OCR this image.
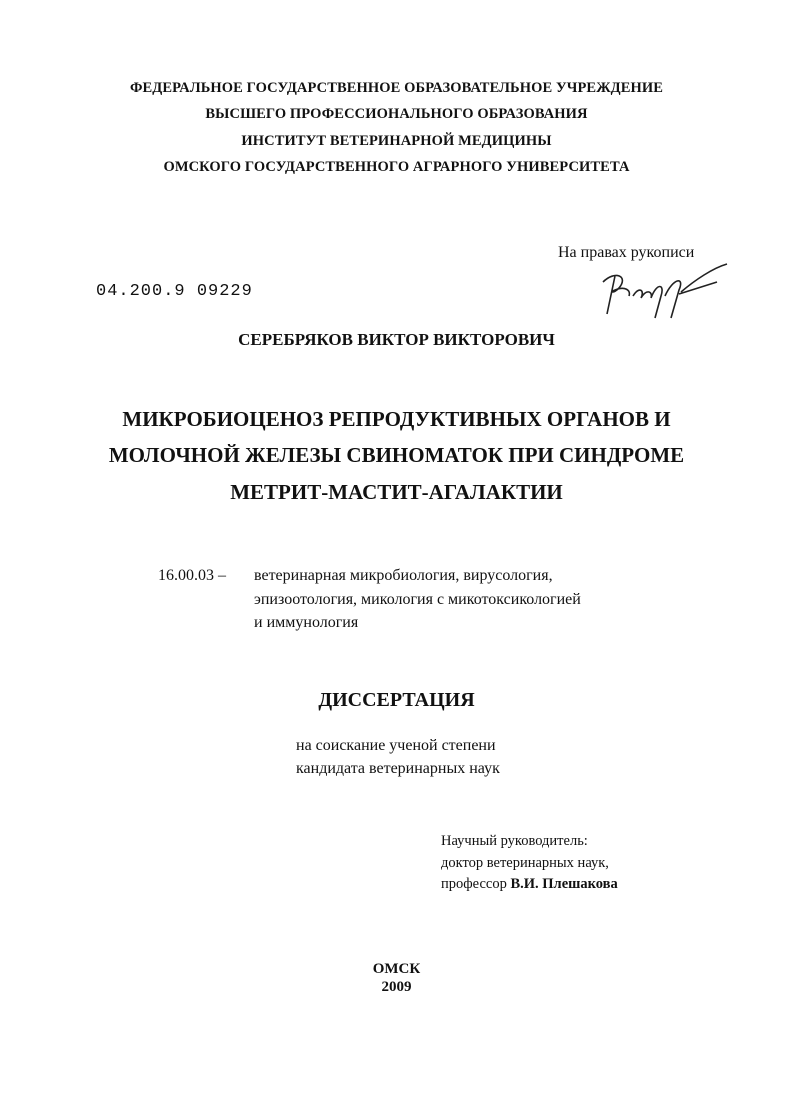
ФЕДЕРАЛЬНОЕ ГОСУДАРСТВЕННОЕ ОБРАЗОВАТЕЛЬНОЕ УЧРЕЖДЕНИЕ
ВЫСШЕГО ПРОФЕССИОНАЛЬНОГО ОБРАЗОВАНИЯ
ИНСТИТУТ ВЕТЕРИНАРНОЙ МЕДИЦИНЫ
ОМСКОГО ГОСУДАРСТВЕННОГО АГРАРНОГО УНИВЕРСИТЕТА
На правах рукописи
04.200.9 09229
СЕРЕБРЯКОВ ВИКТОР ВИКТОРОВИЧ
МИКРОБИОЦЕНОЗ РЕПРОДУКТИВНЫХ ОРГАНОВ И
МОЛОЧНОЙ ЖЕЛЕЗЫ СВИНОМАТОК ПРИ СИНДРОМЕ
МЕТРИТ-МАСТИТ-АГАЛАКТИИ
16.00.03 – ветеринарная микробиология, вирусология,
эпизоотология, микология с микотоксикологией
и иммунология
ДИССЕРТАЦИЯ
на соискание ученой степени
кандидата ветеринарных наук
Научный руководитель:
доктор ветеринарных наук,
профессор В.И. Плешакова
ОМСК
2009
